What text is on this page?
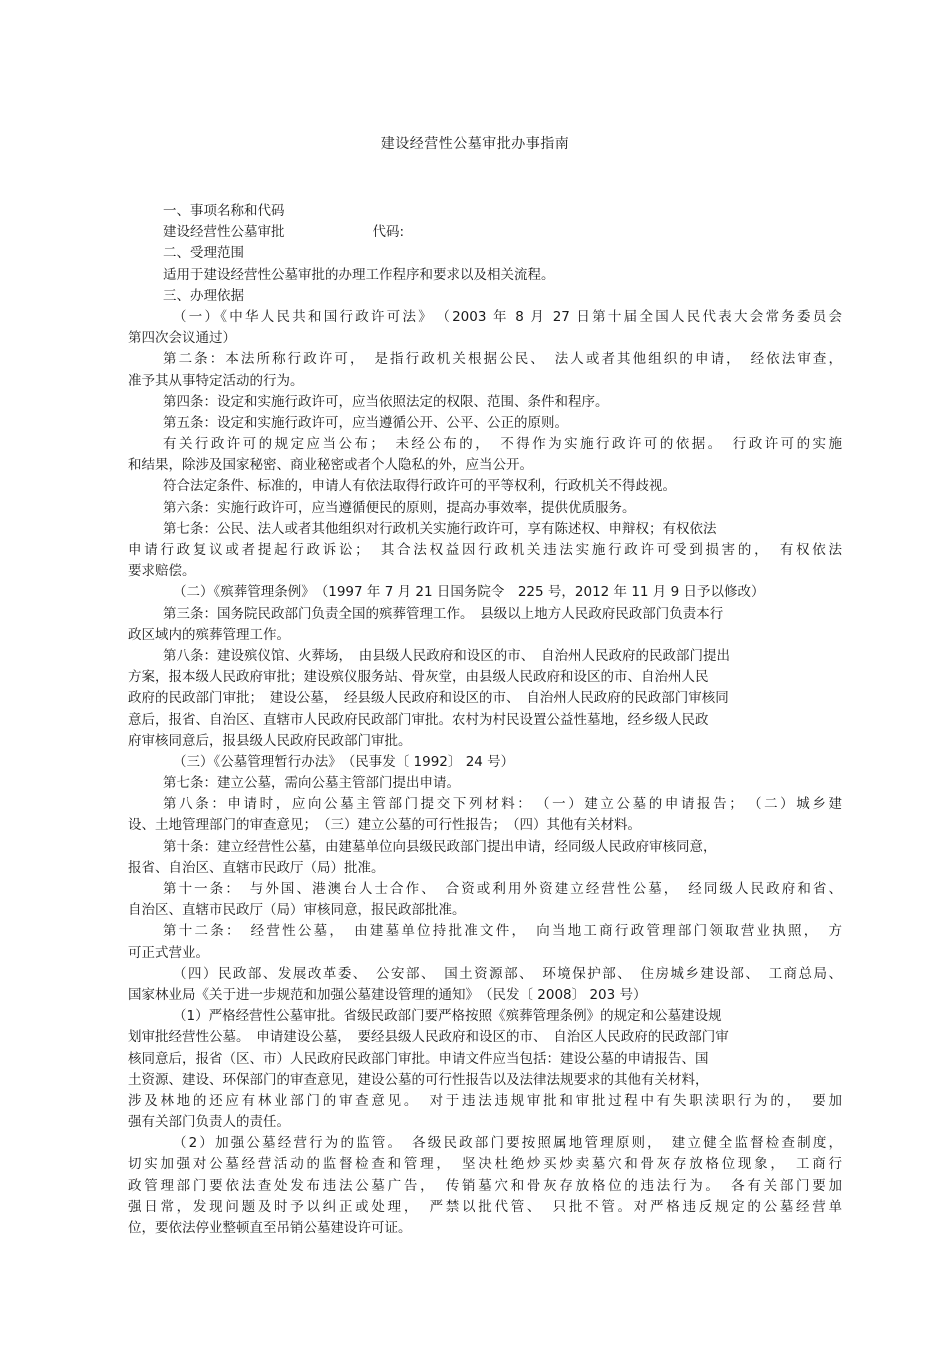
建设经营性公墓审批办事指南
一、事项名称和代码
建设经营性公墓审批	代码:
二、受理范围
适用于建设经营性公墓审批的办理工作程序和要求以及相关流程。
三、办理依据
（一）《中华人民共和国行政许可法》　（2003 年 8 月 27 日第十届全国人民代表大会常务委员会
第四次会议通过）
第二条：本法所称行政许可，　是指行政机关根据公民、　法人或者其他组织的申请，　经依法审查，
准予其从事特定活动的行为。
第四条：设定和实施行政许可，应当依照法定的权限、范围、条件和程序。
第五条：设定和实施行政许可，应当遵循公开、公平、公正的原则。
有关行政许可的规定应当公布；　未经公布的，　不得作为实施行政许可的依据。　行政许可的实施
和结果，除涉及国家秘密、商业秘密或者个人隐私的外，应当公开。
符合法定条件、标准的，申请人有依法取得行政许可的平等权利，行政机关不得歧视。
第六条：实施行政许可，应当遵循便民的原则，提高办事效率，提供优质服务。
第七条：公民、法人或者其他组织对行政机关实施行政许可，享有陈述权、申辩权；有权依法
申请行政复议或者提起行政诉讼；　其合法权益因行政机关违法实施行政许可受到损害的，　有权依法
要求赔偿。
（二）《殡葬管理条例》　（1997 年 7 月 21 日国务院令　225 号，2012 年 11 月 9 日予以修改）
第三条：国务院民政部门负责全国的殡葬管理工作。　县级以上地方人民政府民政部门负责本行
政区域内的殡葬管理工作。
第八条：建设殡仪馆、火葬场，　由县级人民政府和设区的市、　自治州人民政府的民政部门提出
方案，报本级人民政府审批；建设殡仪服务站、骨灰堂，由县级人民政府和设区的市、自治州人民
政府的民政部门审批；　建设公墓，　经县级人民政府和设区的市、　自治州人民政府的民政部门审核同
意后，报省、自治区、直辖市人民政府民政部门审批。农村为村民设置公益性墓地，经乡级人民政
府审核同意后，报县级人民政府民政部门审批。
（三）《公墓管理暂行办法》　（民事发〔 1992〕 24 号）
第七条：建立公墓，需向公墓主管部门提出申请。
第八条：申请时，应向公墓主管部门提交下列材料：　（一）建立公墓的申请报告；　（二）城乡建
设、土地管理部门的审查意见；　（三）建立公墓的可行性报告；　（四）其他有关材料。
第十条：建立经营性公墓，由建墓单位向县级民政部门提出申请，经同级人民政府审核同意，
报省、自治区、直辖市民政厅（局）批准。
第十一条：　与外国、港澳台人士合作、　合资或利用外资建立经营性公墓，　经同级人民政府和省、
自治区、直辖市民政厅（局）审核同意，报民政部批准。
第十二条：　经营性公墓，　由建墓单位持批准文件，　向当地工商行政管理部门领取营业执照，　方
可正式营业。
（四）民政部、发展改革委、　公安部、　国土资源部、　环境保护部、　住房城乡建设部、　工商总局、
国家林业局《关于进一步规范和加强公墓建设管理的通知》　（民发〔 2008〕 203 号）
（1）严格经营性公墓审批。省级民政部门要严格按照《殡葬管理条例》的规定和公墓建设规
划审批经营性公墓。　申请建设公墓，　要经县级人民政府和设区的市、　自治区人民政府的民政部门审
核同意后，报省（区、市）人民政府民政部门审批。申请文件应当包括：建设公墓的申请报告、国
土资源、建设、环保部门的审查意见，建设公墓的可行性报告以及法律法规要求的其他有关材料，
涉及林地的还应有林业部门的审查意见。　对于违法违规审批和审批过程中有失职渎职行为的，　要加
强有关部门负责人的责任。
（2）加强公墓经营行为的监管。　各级民政部门要按照属地管理原则，　建立健全监督检查制度，
切实加强对公墓经营活动的监督检查和管理，　坚决杜绝炒买炒卖墓穴和骨灰存放格位现象，　工商行
政管理部门要依法查处发布违法公墓广告，　传销墓穴和骨灰存放格位的违法行为。　各有关部门要加
强日常，发现问题及时予以纠正或处理，　严禁以批代管、　只批不管。对严格违反规定的公墓经营单
位，要依法停业整顿直至吊销公墓建设许可证。
